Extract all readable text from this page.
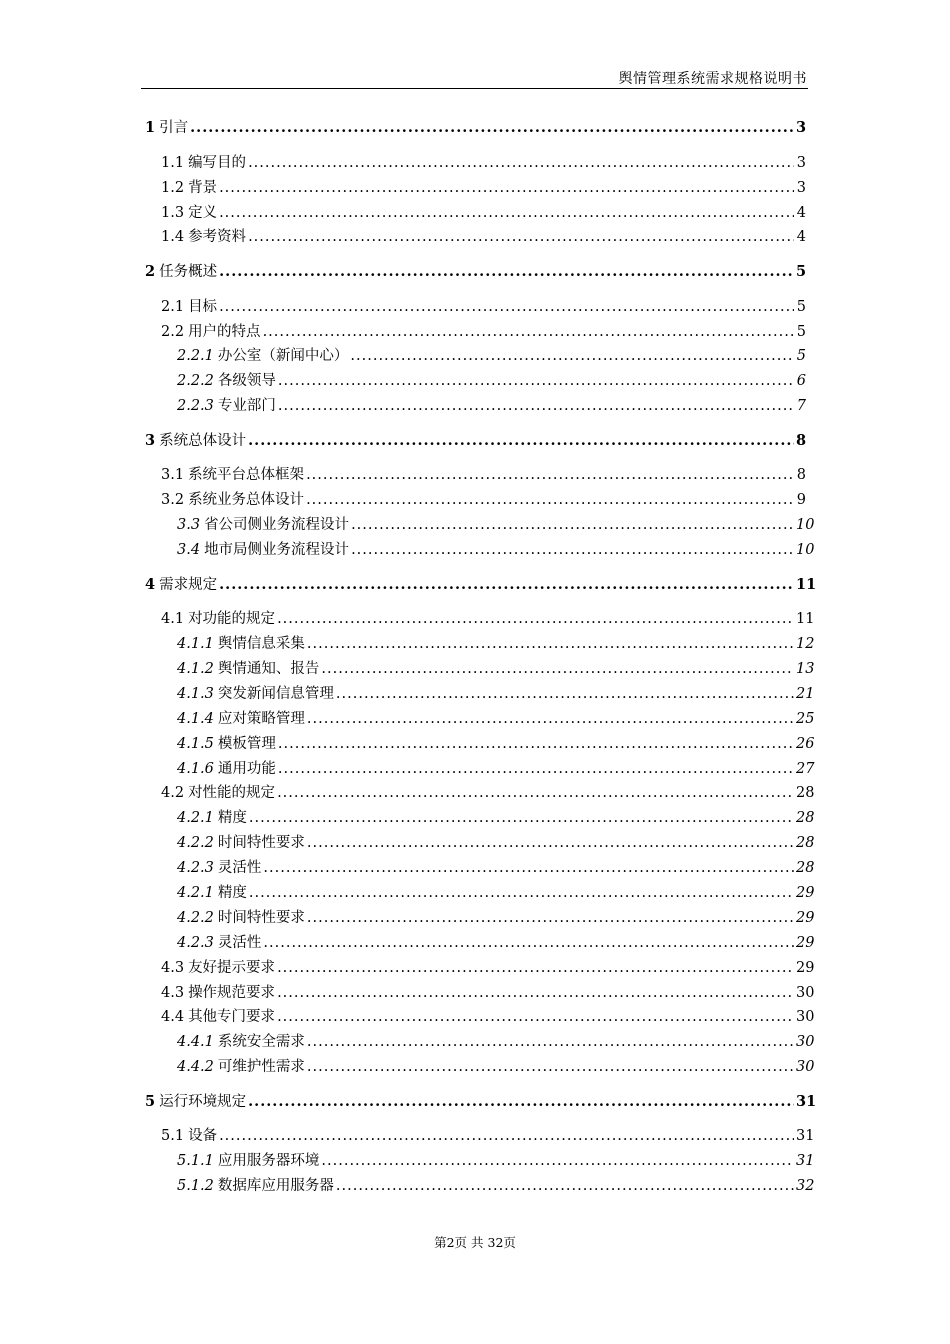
舆情管理系统需求规格说明书
1 引言 .....	3
1.1 编写目的 .....	3
1.2 背景 .....	3
1.3 定义 .....	4
1.4 参考资料 .....	4
2 任务概述 .....	5
2.1 目标 .....	5
2.2 用户的特点 .....	5
2.2.1 办公室（新闻中心） .....	5
2.2.2 各级领导 .....	6
2.2.3 专业部门 .....	7
3 系统总体设计 .....	8
3.1 系统平台总体框架 .....	8
3.2 系统业务总体设计 .....	9
3.3 省公司侧业务流程设计 .....	10
3.4 地市局侧业务流程设计 .....	10
4 需求规定 .....	11
4.1 对功能的规定 .....	11
4.1.1 舆情信息采集 .....	12
4.1.2 舆情通知、报告 .....	13
4.1.3 突发新闻信息管理 .....	21
4.1.4 应对策略管理 .....	25
4.1.5 模板管理 .....	26
4.1.6 通用功能 .....	27
4.2 对性能的规定 .....	28
4.2.1 精度 .....	28
4.2.2 时间特性要求 .....	28
4.2.3 灵活性 .....	28
4.2.1 精度 .....	29
4.2.2 时间特性要求 .....	29
4.2.3 灵活性 .....	29
4.3 友好提示要求 .....	29
4.3 操作规范要求 .....	30
4.4 其他专门要求 .....	30
4.4.1 系统安全需求 .....	30
4.4.2 可维护性需求 .....	30
5 运行环境规定 .....	31
5.1 设备 .....	31
5.1.1 应用服务器环境 .....	31
5.1.2 数据库应用服务器 .....	32
第2页 共 32页
